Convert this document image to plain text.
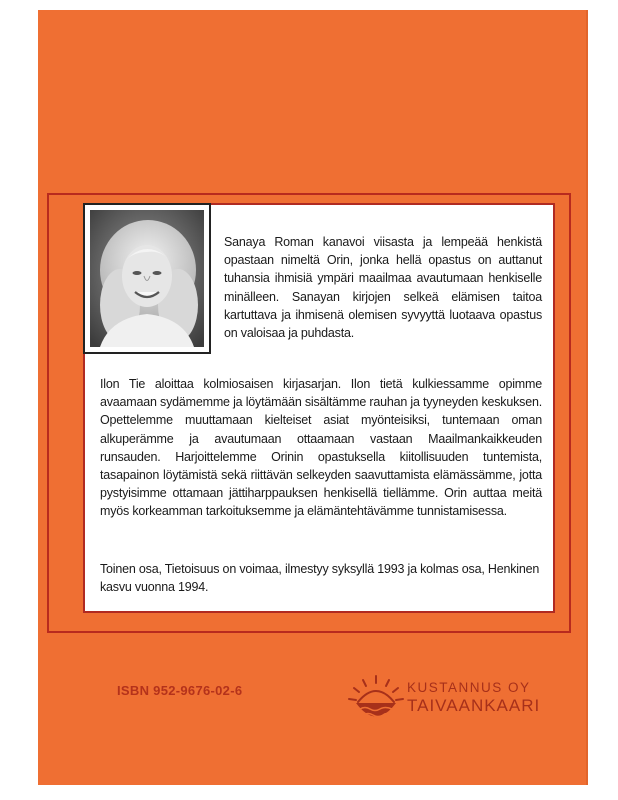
Sanaya Roman kanavoi viisasta ja lempeää henkistä opastaan nimeltä Orin, jonka hellä opastus on auttanut tuhansia ihmisiä ympäri maailmaa avautumaan henkiselle minälleen. Sanayan kirjojen selkeä elämisen taitoa kartuttava ja ihmisenä olemisen syvyyttä luotaava opastus on valoisaa ja puhdasta.

Ilon Tie aloittaa kolmiosaisen kirjasarjan. Ilon tietä kulkiessamme opimme avaamaan sydämemme ja löytämään sisältämme rauhan ja tyyneyden keskuksen. Opettelemme muuttamaan kielteiset asiat myönteisiksi, tuntemaan oman alkuperämme ja avautumaan ottaamaan vastaan Maailmankaikkeuden runsauden. Harjoittelemme Orinin opastuksella kiitollisuuden tuntemista, tasapainon löytämistä sekä riittävän selkeyden saavuttamista elämässämme, jotta pystyisimme ottamaan jättiharppauksen henkisellä tiellämme. Orin auttaa meitä myös korkeamman tarkoituksemme ja elämäntehtävämme tunnistamisessa.

Toinen osa, Tietoisuus on voimaa, ilmestyy syksyllä 1993 ja kolmas osa, Henkinen kasvu vuonna 1994.

ISBN 952-9676-02-6	KUSTANNUS OY
TAIVAANKAARI
